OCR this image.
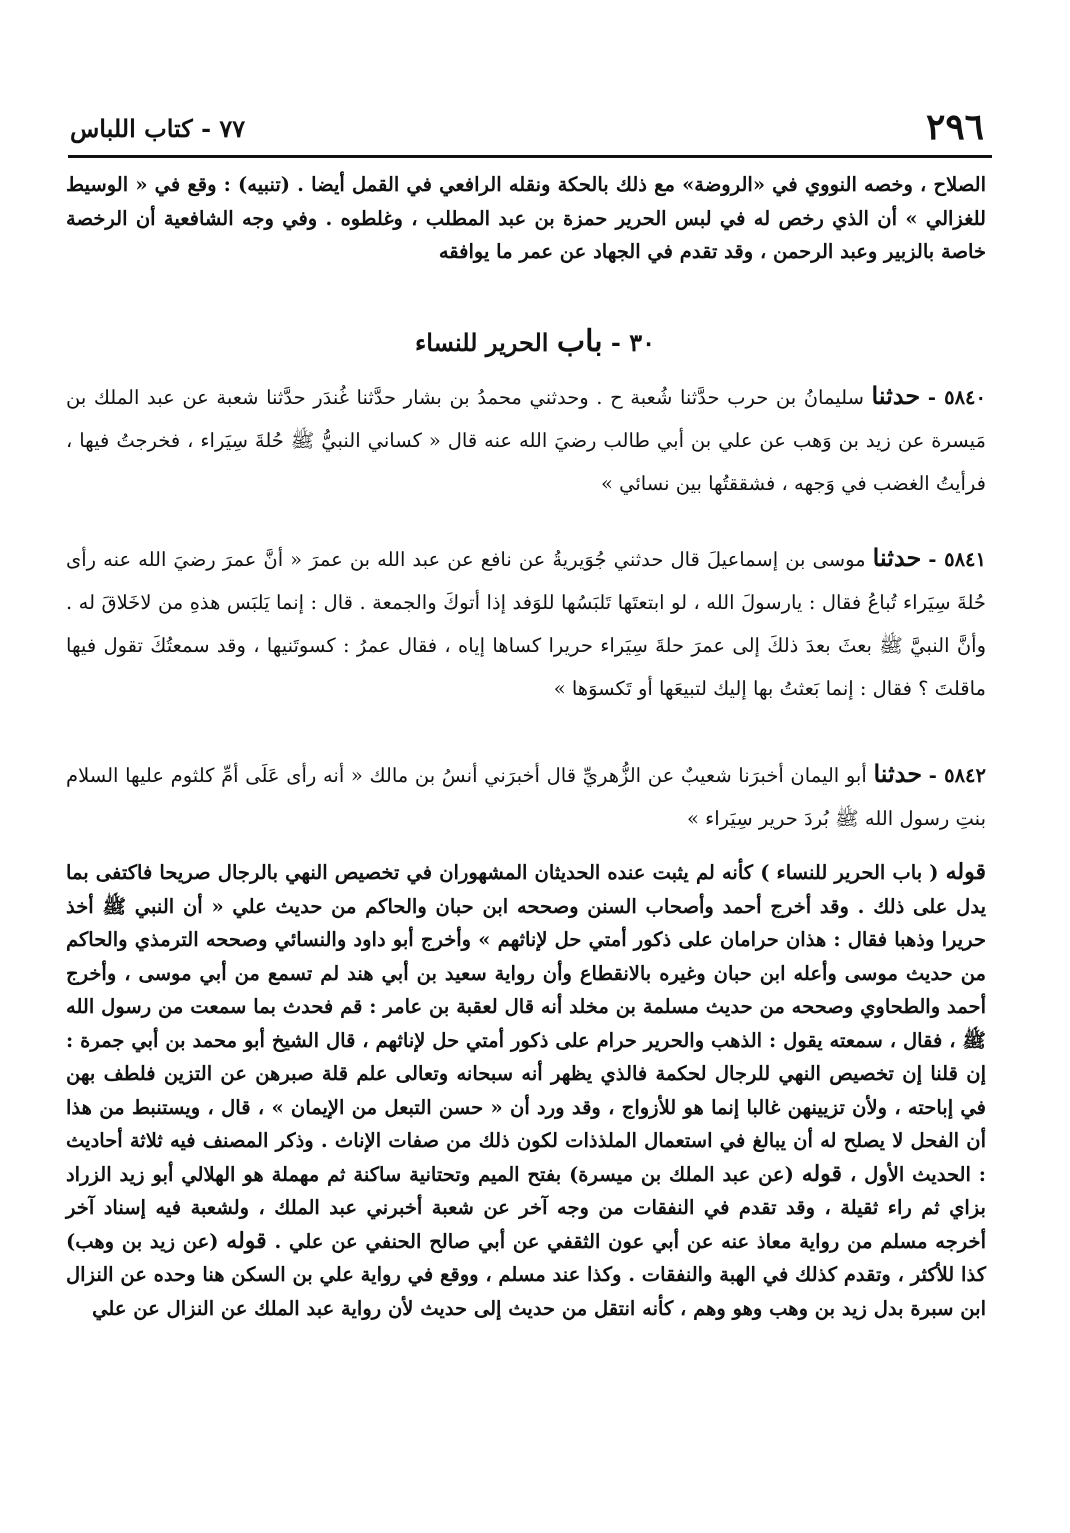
٢٩٦
٧٧ - كتاب اللباس

الصلاح ، وخصه النووي في «الروضة» مع ذلك بالحكة ونقله الرافعي في القمل أيضا . (تنبيه) : وقع في « الوسيط للغزالي » أن الذي رخص له في لبس الحرير حمزة بن عبد المطلب ، وغلطوه . وفي وجه الشافعية أن الرخصة خاصة بالزبير وعبد الرحمن ، وقد تقدم في الجهاد عن عمر ما يوافقه

٣٠ - باب الحرير للنساء

٥٨٤٠ - حدثنا سليمانُ بن حرب حدَّثنا شُعبة ح . وحدثني محمدُ بن بشار حدَّثنا غُندَر حدَّثنا شعبة عن عبد الملك بن مَيسرة عن زيد بن وَهب عن علي بن أبي طالب رضيَ الله عنه قال « كساني النبيُّ ﷺ حُلةَ سِيَراء ، فخرجتُ فيها ، فرأيتُ الغضب في وَجهه ، فشققتُها بين نسائي »

٥٨٤١ - حدثنا موسى بن إسماعيلَ قال حدثني جُوَيريةُ عن نافع عن عبد الله بن عمرَ « أنَّ عمرَ رضيَ الله عنه رأى حُلةَ سِيَراء تُباعُ فقال : يارسولَ الله ، لو ابتعتَها تَلبَسُها للوَفد إذا أتوكَ والجمعة . قال : إنما يَلبَس هذهِ من لاخَلاقَ له . وأنَّ النبيَّ ﷺ بعثَ بعدَ ذلكَ إلى عمرَ حلةَ سِيَراء حريرا كساها إياه ، فقال عمرُ : كسوتَنيها ، وقد سمعتُكَ تقول فيها ماقلتَ ؟ فقال : إنما بَعثتُ بها إليك لتبيعَها أو تَكسوَها »

٥٨٤٢ - حدثنا أبو اليمان أخبرَنا شعيبٌ عن الزُّهريِّ قال أخبرَني أنسُ بن مالك « أنه رأى عَلَى أمِّ كلثوم عليها السلام بنتِ رسول الله ﷺ بُردَ حرير سِيَراء »

قوله ( باب الحرير للنساء ) كأنه لم يثبت عنده الحديثان المشهوران في تخصيص النهي بالرجال صريحا فاكتفى بما يدل على ذلك . وقد أخرج أحمد وأصحاب السنن وصححه ابن حبان والحاكم من حديث علي « أن النبي ﷺ أخذ حريرا وذهبا فقال : هذان حرامان على ذكور أمتي حل لإناثهم » وأخرج أبو داود والنسائي وصححه الترمذي والحاكم من حديث موسى وأعله ابن حبان وغيره بالانقطاع وأن رواية سعيد بن أبي هند لم تسمع من أبي موسى ، وأخرج أحمد والطحاوي وصححه من حديث مسلمة بن مخلد أنه قال لعقبة بن عامر : قم فحدث بما سمعت من رسول الله ﷺ ، فقال ، سمعته يقول : الذهب والحرير حرام على ذكور أمتي حل لإناثهم ، قال الشيخ أبو محمد بن أبي جمرة : إن قلنا إن تخصيص النهي للرجال لحكمة فالذي يظهر أنه سبحانه وتعالى علم قلة صبرهن عن التزين فلطف بهن في إباحته ، ولأن تزيينهن غالبا إنما هو للأزواج ، وقد ورد أن « حسن التبعل من الإيمان » ، قال ، ويستنبط من هذا أن الفحل لا يصلح له أن يبالغ في استعمال الملذذات لكون ذلك من صفات الإناث . وذكر المصنف فيه ثلاثة أحاديث : الحديث الأول ، قوله (عن عبد الملك بن ميسرة) بفتح الميم وتحتانية ساكنة ثم مهملة هو الهلالي أبو زيد الزراد بزاي ثم راء ثقيلة ، وقد تقدم في النفقات من وجه آخر عن شعبة أخبرني عبد الملك ، ولشعبة فيه إسناد آخر أخرجه مسلم من رواية معاذ عنه عن أبي عون الثقفي عن أبي صالح الحنفي عن علي . قوله (عن زيد بن وهب) كذا للأكثر ، وتقدم كذلك في الهبة والنفقات . وكذا عند مسلم ، ووقع في رواية علي بن السكن هنا وحده عن النزال ابن سبرة بدل زيد بن وهب وهو وهم ، كأنه انتقل من حديث إلى حديث لأن رواية عبد الملك عن النزال عن علي
